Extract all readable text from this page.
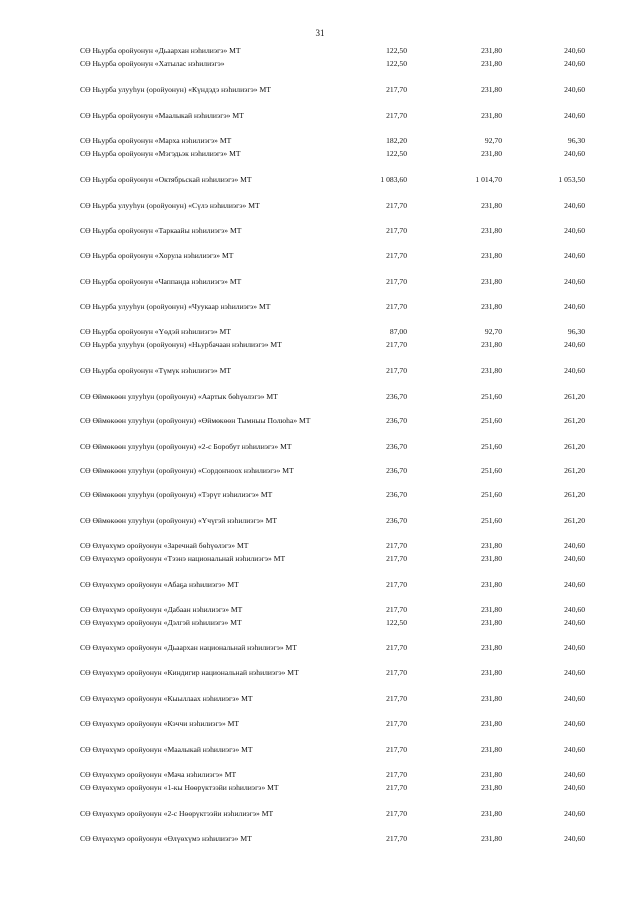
31
СӨ Ньурба оройуонун «Дьаархан нэһилиэгэ» МТ	122,50	231,80	240,60
СӨ Ньурба оройуонун «Хатылас нэһилиэгэ»	122,50	231,80	240,60
СӨ Ньурба улууһун (оройуонун) «Күндэдэ нэһилиэгэ» МТ	217,70	231,80	240,60
СӨ Ньурба оройуонун «Маалыкай нэһилиэгэ» МТ	217,70	231,80	240,60
СӨ Ньурба оройуонун «Марха нэһилиэгэ» МТ	182,20	92,70	96,30
СӨ Ньурба оройуонун «Мэгэдьэк нэһилиэгэ» МТ	122,50	231,80	240,60
СӨ Ньурба оройуонун «Октябрьскай нэһилиэгэ» МТ	1 083,60	1 014,70	1 053,50
СӨ Ньурба улууһун (оройуонун) «Сүлэ нэһилиэгэ» МТ	217,70	231,80	240,60
СӨ Ньурба оройуонун «Таркаайы нэһилиэгэ» МТ	217,70	231,80	240,60
СӨ Ньурба оройуонун «Хорула нэһилиэгэ» МТ	217,70	231,80	240,60
СӨ Ньурба оройуонун «Чаппанда нэһилиэгэ» МТ	217,70	231,80	240,60
СӨ Ньурба улууһун (оройуонун) «Чуукаар нэһилиэгэ» МТ	217,70	231,80	240,60
СӨ Ньурба оройуонун «Үөдэй нэһилиэгэ» МТ	87,00	92,70	96,30
СӨ Ньурба улууһун (оройуонун) «Ньурбачаан нэһилиэгэ» МТ	217,70	231,80	240,60
СӨ Ньурба оройуонун «Түмүк нэһилиэгэ» МТ	217,70	231,80	240,60
СӨ Өймөкөөн улууһун (оройуонун) «Аартык бөһүөлэгэ» МТ	236,70	251,60	261,20
СӨ Өймөкөөн улууһун (оройуонун) «Өймөкөөн Тымныы Полюһа» МТ	236,70	251,60	261,20
СӨ Өймөкөөн улууһун (оройуонун) «2-с Боробут нэһилиэгэ» МТ	236,70	251,60	261,20
СӨ Өймөкөөн улууһун (оройуонун) «Сордоҥноох нэһилиэгэ» МТ	236,70	251,60	261,20
СӨ Өймөкөөн улууһун (оройуонун) «Тэрүт нэһилиэгэ» МТ	236,70	251,60	261,20
СӨ Өймөкөөн улууһун (оройуонун) «Үчүгэй нэһилиэгэ» МТ	236,70	251,60	261,20
СӨ Өлүөхүмэ оройуонун «Заречнай бөһүөлэгэ» МТ	217,70	231,80	240,60
СӨ Өлүөхүмэ оройуонун «Тээнэ национальнай нэһилиэгэ» МТ	217,70	231,80	240,60
СӨ Өлүөхүмэ оройуонун «Абаҕа нэһилиэгэ» МТ	217,70	231,80	240,60
СӨ Өлүөхүмэ оройуонун «Дабаан нэһилиэгэ» МТ	217,70	231,80	240,60
СӨ Өлүөхүмэ оройуонун «Дэлгэй нэһилиэгэ» МТ	122,50	231,80	240,60
СӨ Өлүөхүмэ оройуонун «Дьаархан национальнай нэһилиэгэ» МТ	217,70	231,80	240,60
СӨ Өлүөхүмэ оройуонун «Киндигир национальнай нэһилиэгэ» МТ	217,70	231,80	240,60
СӨ Өлүөхүмэ оройуонун «Кыыллаах нэһилиэгэ» МТ	217,70	231,80	240,60
СӨ Өлүөхүмэ оройуонун «Кэччи нэһилиэгэ» МТ	217,70	231,80	240,60
СӨ Өлүөхүмэ оройуонун «Маалыкай нэһилиэгэ» МТ	217,70	231,80	240,60
СӨ Өлүөхүмэ оройуонун «Мача нэһилиэгэ» МТ	217,70	231,80	240,60
СӨ Өлүөхүмэ оройуонун «1-кы Нөөрүктээйи нэһилиэгэ» МТ	217,70	231,80	240,60
СӨ Өлүөхүмэ оройуонун «2-с Нөөрүктээйи нэһилиэгэ» МТ	217,70	231,80	240,60
СӨ Өлүөхүмэ оройуонун «Өлүөхүмэ нэһилиэгэ» МТ	217,70	231,80	240,60
